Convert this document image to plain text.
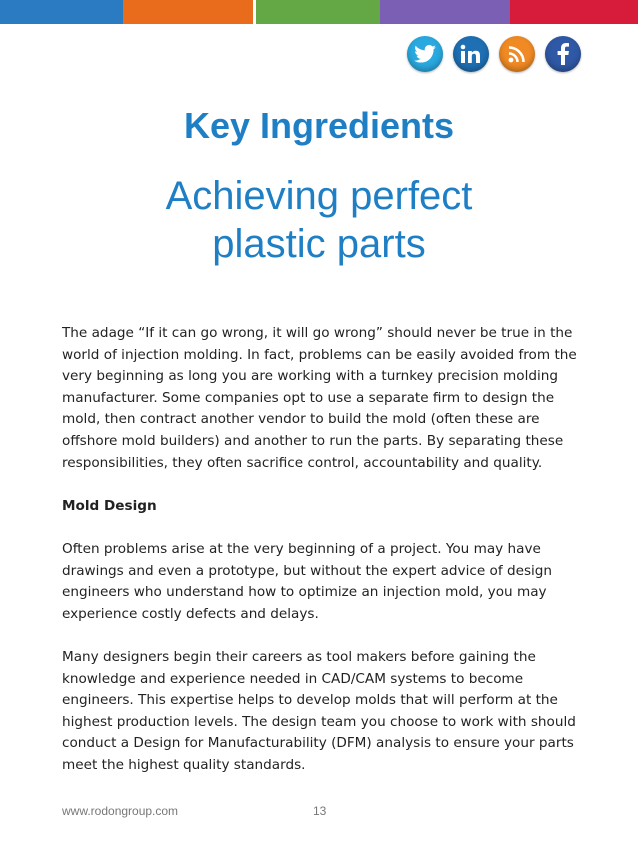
Key Ingredients
Achieving perfect
plastic parts

The adage “If it can go wrong, it will go wrong” should never be true in the world of injection molding. In fact, problems can be easily avoided from the very beginning as long you are working with a turnkey precision molding manufacturer. Some companies opt to use a separate firm to design the mold, then contract another vendor to build the mold (often these are offshore mold builders) and another to run the parts. By separating these responsibilities, they often sacrifice control, accountability and quality.

Mold Design

Often problems arise at the very beginning of a project. You may have drawings and even a prototype, but without the expert advice of design engineers who understand how to optimize an injection mold, you may experience costly defects and delays.

Many designers begin their careers as tool makers before gaining the knowledge and experience needed in CAD/CAM systems to become engineers. This expertise helps to develop molds that will perform at the highest production levels. The design team you choose to work with should conduct a Design for Manufacturability (DFM) analysis to ensure your parts meet the highest quality standards.

www.rodongroup.com	13
